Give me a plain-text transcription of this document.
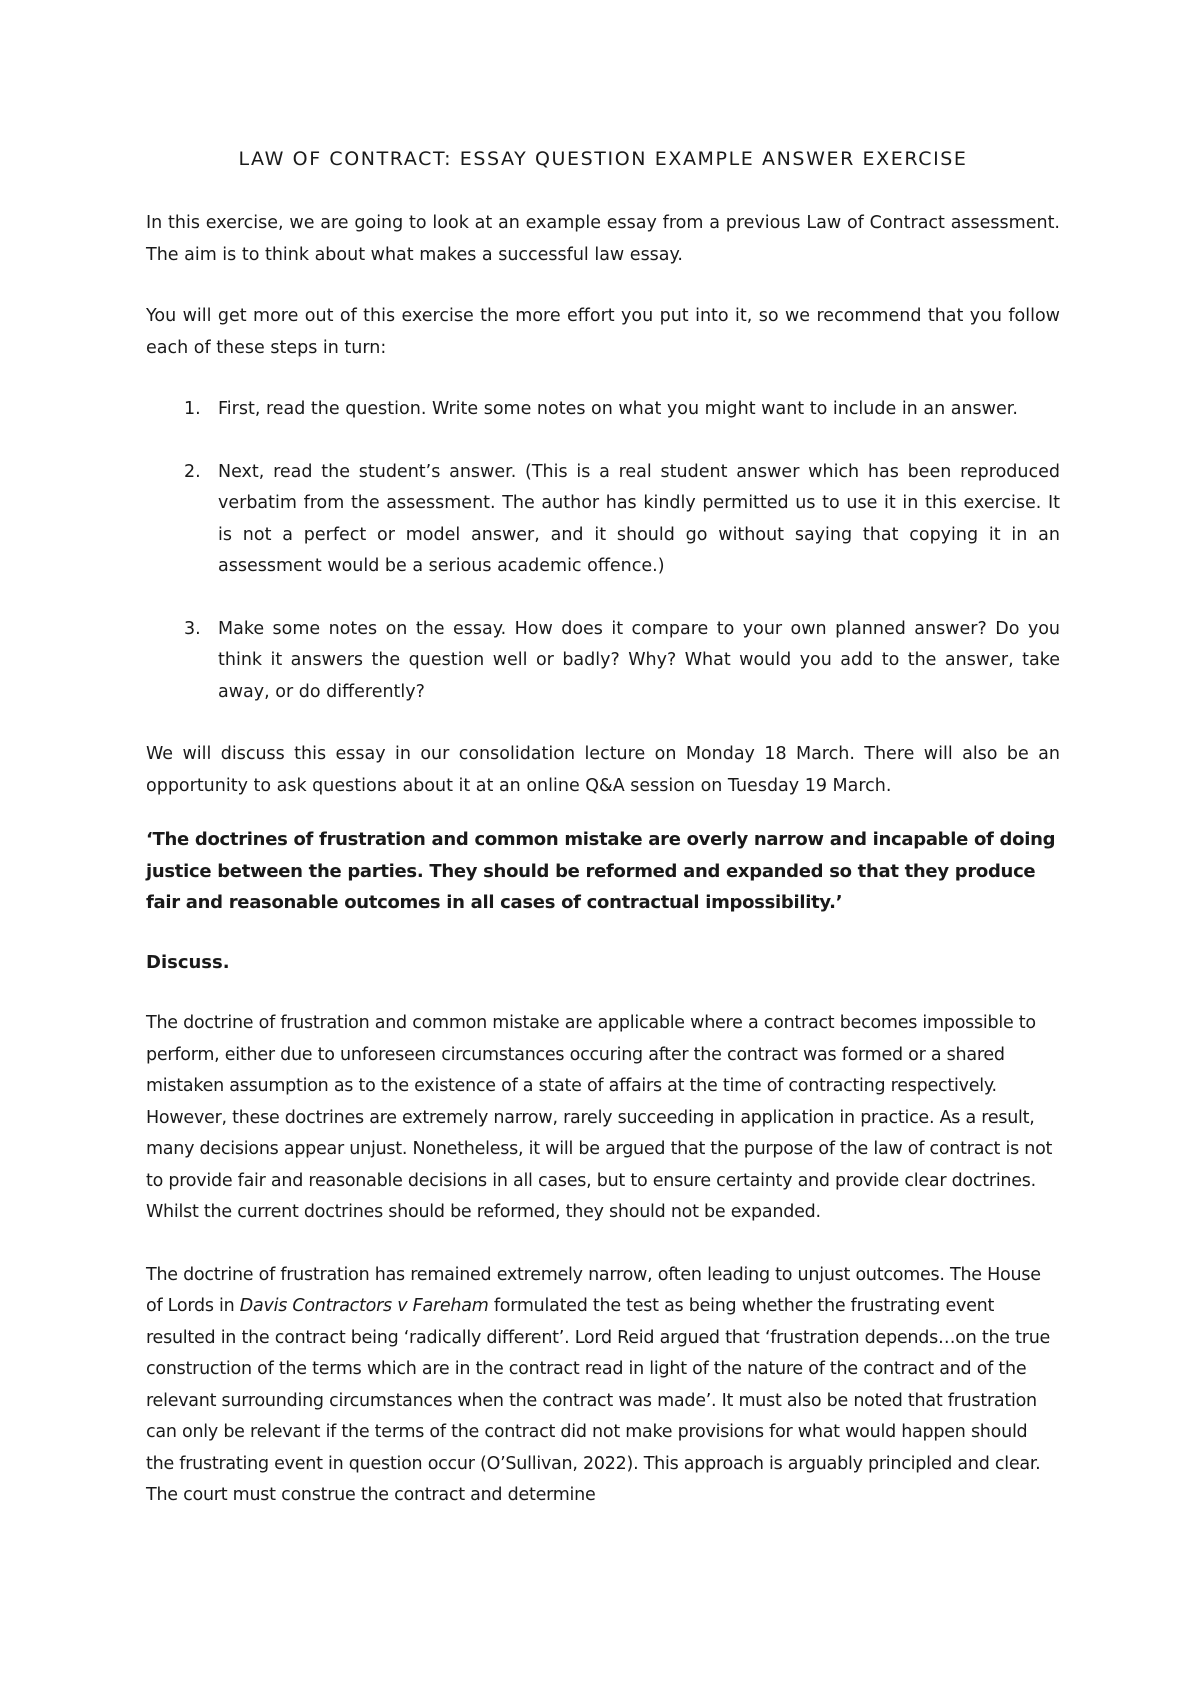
LAW OF CONTRACT: ESSAY QUESTION EXAMPLE ANSWER EXERCISE

In this exercise, we are going to look at an example essay from a previous Law of Contract assessment. The aim is to think about what makes a successful law essay.

You will get more out of this exercise the more effort you put into it, so we recommend that you follow each of these steps in turn:

1. First, read the question. Write some notes on what you might want to include in an answer.
2. Next, read the student’s answer. (This is a real student answer which has been reproduced verbatim from the assessment. The author has kindly permitted us to use it in this exercise. It is not a perfect or model answer, and it should go without saying that copying it in an assessment would be a serious academic offence.)
3. Make some notes on the essay. How does it compare to your own planned answer? Do you think it answers the question well or badly? Why? What would you add to the answer, take away, or do differently?

We will discuss this essay in our consolidation lecture on Monday 18 March. There will also be an opportunity to ask questions about it at an online Q&A session on Tuesday 19 March.

‘The doctrines of frustration and common mistake are overly narrow and incapable of doing justice between the parties. They should be reformed and expanded so that they produce fair and reasonable outcomes in all cases of contractual impossibility.’

Discuss.

The doctrine of frustration and common mistake are applicable where a contract becomes impossible to perform, either due to unforeseen circumstances occuring after the contract was formed or a shared mistaken assumption as to the existence of a state of affairs at the time of contracting respectively. However, these doctrines are extremely narrow, rarely succeeding in application in practice. As a result, many decisions appear unjust. Nonetheless, it will be argued that the purpose of the law of contract is not to provide fair and reasonable decisions in all cases, but to ensure certainty and provide clear doctrines. Whilst the current doctrines should be reformed, they should not be expanded.

The doctrine of frustration has remained extremely narrow, often leading to unjust outcomes. The House of Lords in Davis Contractors v Fareham formulated the test as being whether the frustrating event resulted in the contract being ‘radically different’. Lord Reid argued that ‘frustration depends…on the true construction of the terms which are in the contract read in light of the nature of the contract and of the relevant surrounding circumstances when the contract was made’. It must also be noted that frustration can only be relevant if the terms of the contract did not make provisions for what would happen should the frustrating event in question occur (O’Sullivan, 2022). This approach is arguably principled and clear. The court must construe the contract and determine
